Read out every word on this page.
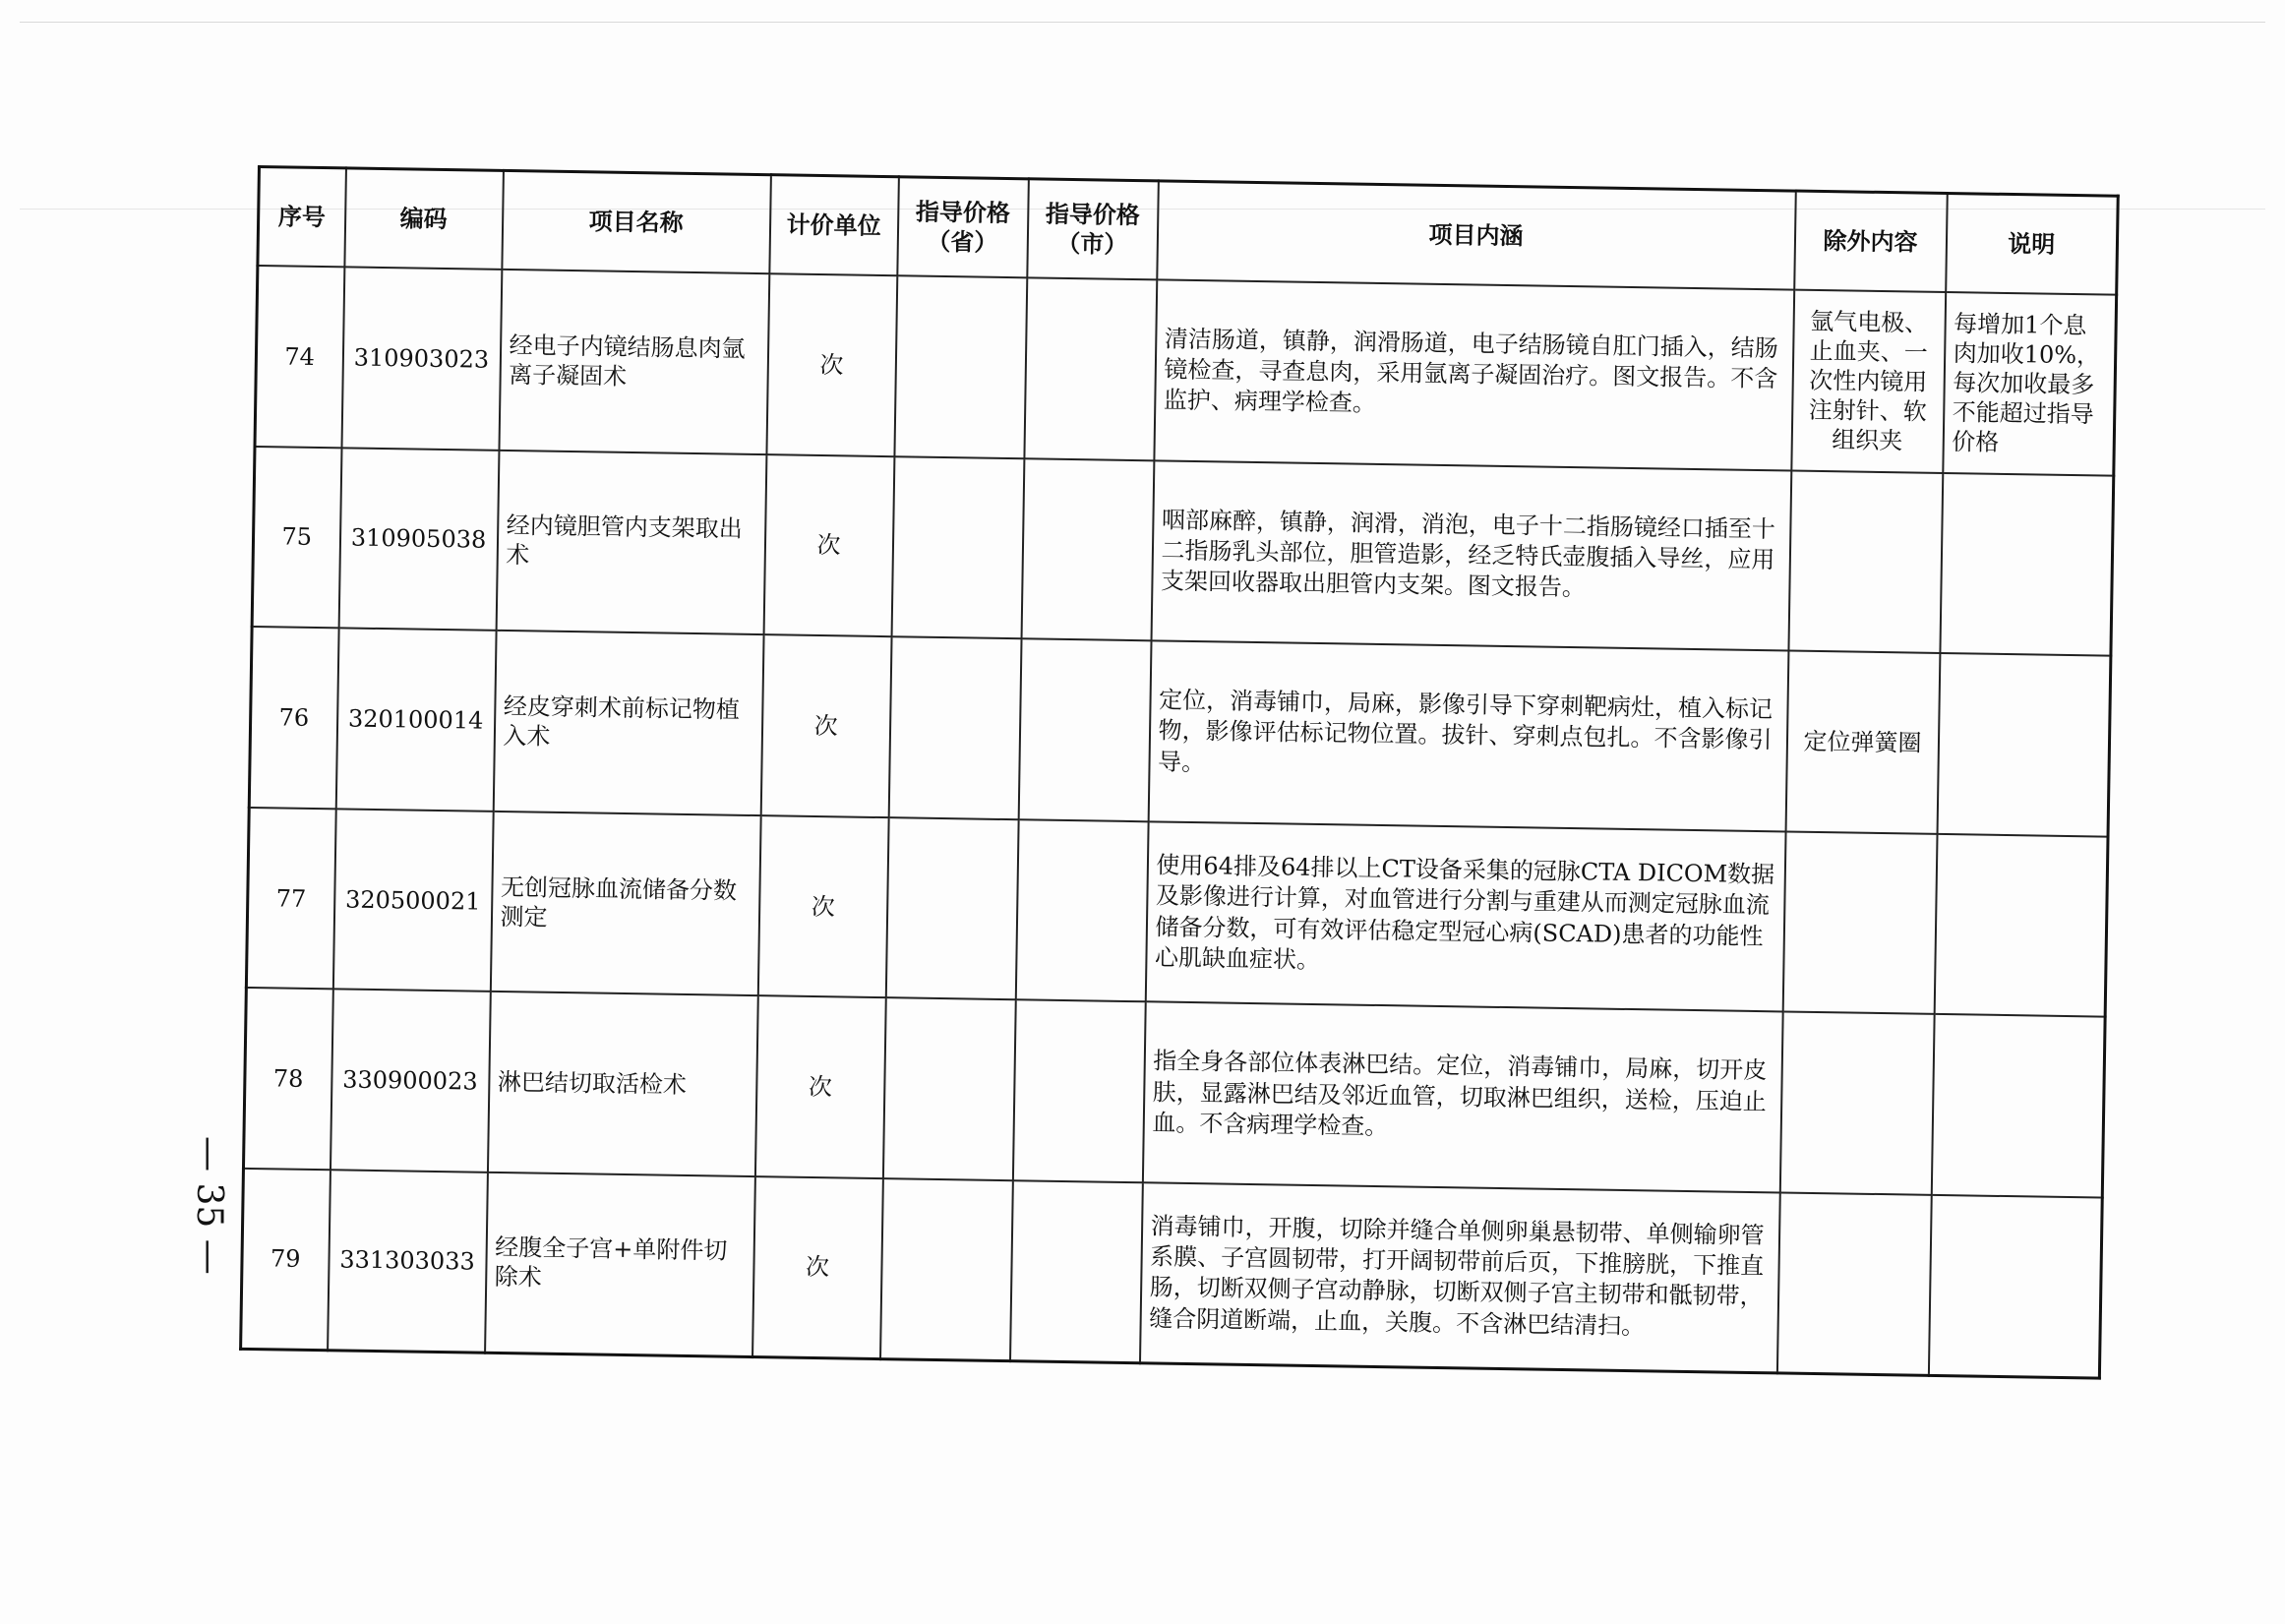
序号	编码	项目名称	计价单位	指导价格（省）	指导价格（市）	项目内涵	除外内容	说明
74	310903023	经电子内镜结肠息肉氩离子凝固术	次			清洁肠道，镇静，润滑肠道，电子结肠镜自肛门插入，结肠镜检查，寻查息肉，采用氩离子凝固治疗。图文报告。不含监护、病理学检查。	氩气电极、止血夹、一次性内镜用注射针、软组织夹	每增加1个息肉加收10%，每次加收最多不能超过指导价格
75	310905038	经内镜胆管内支架取出术	次			咽部麻醉，镇静，润滑，消泡，电子十二指肠镜经口插至十二指肠乳头部位，胆管造影，经乏特氏壶腹插入导丝，应用支架回收器取出胆管内支架。图文报告。		
76	320100014	经皮穿刺术前标记物植入术	次			定位，消毒铺巾，局麻，影像引导下穿刺靶病灶，植入标记物，影像评估标记物位置。拔针、穿刺点包扎。不含影像引导。	定位弹簧圈	
77	320500021	无创冠脉血流储备分数测定	次			使用64排及64排以上CT设备采集的冠脉CTA DICOM数据及影像进行计算，对血管进行分割与重建从而测定冠脉血流储备分数，可有效评估稳定型冠心病(SCAD)患者的功能性心肌缺血症状。		
78	330900023	淋巴结切取活检术	次			指全身各部位体表淋巴结。定位，消毒铺巾，局麻，切开皮肤，显露淋巴结及邻近血管，切取淋巴组织，送检，压迫止血。不含病理学检查。		
79	331303033	经腹全子宫+单附件切除术	次			消毒铺巾，开腹，切除并缝合单侧卵巢悬韧带、单侧输卵管系膜、子宫圆韧带，打开阔韧带前后页，下推膀胱，下推直肠，切断双侧子宫动静脉，切断双侧子宫主韧带和骶韧带，缝合阴道断端，止血，关腹。不含淋巴结清扫。		
— 35 —
